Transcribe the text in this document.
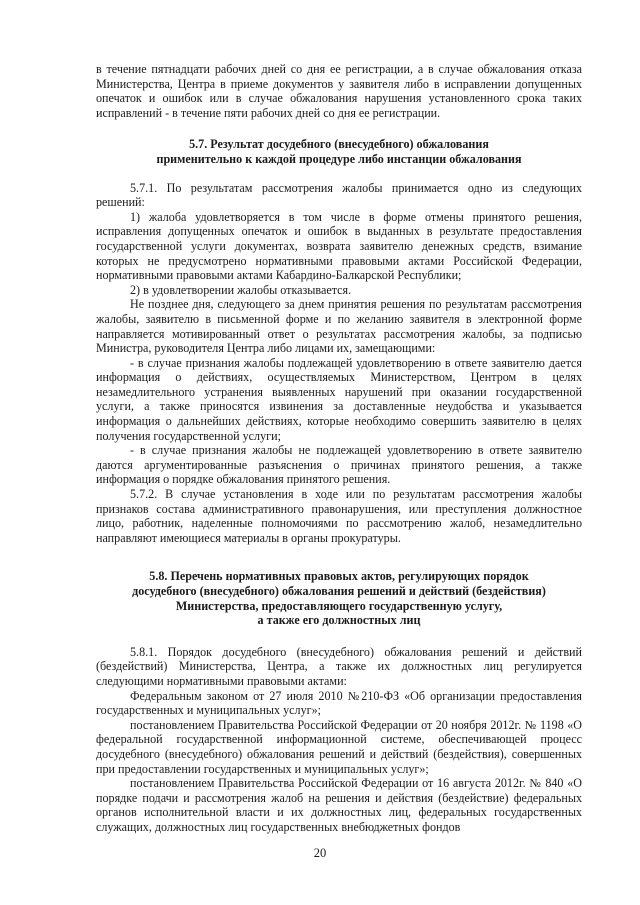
в течение пятнадцати рабочих дней со дня ее регистрации, а в случае обжалования отказа Министерства, Центра в приеме документов у заявителя либо в исправлении допущенных опечаток и ошибок или в случае обжалования нарушения установленного срока таких исправлений - в течение пяти рабочих дней со дня ее регистрации.

5.7. Результат досудебного (внесудебного) обжалования применительно к каждой процедуре либо инстанции обжалования

5.7.1. По результатам рассмотрения жалобы принимается одно из следующих решений:

1) жалоба удовлетворяется в том числе в форме отмены принятого решения, исправления допущенных опечаток и ошибок в выданных в результате предоставления государственной услуги документах, возврата заявителю денежных средств, взимание которых не предусмотрено нормативными правовыми актами Российской Федерации, нормативными правовыми актами Кабардино-Балкарской Республики;

2) в удовлетворении жалобы отказывается.

Не позднее дня, следующего за днем принятия решения по результатам рассмотрения жалобы, заявителю в письменной форме и по желанию заявителя в электронной форме направляется мотивированный ответ о результатах рассмотрения жалобы, за подписью Министра, руководителя Центра либо лицами их, замещающими:

- в случае признания жалобы подлежащей удовлетворению в ответе заявителю дается информация о действиях, осуществляемых Министерством, Центром в целях незамедлительного устранения выявленных нарушений при оказании государственной услуги, а также приносятся извинения за доставленные неудобства и указывается информация о дальнейших действиях, которые необходимо совершить заявителю в целях получения государственной услуги;

- в случае признания жалобы не подлежащей удовлетворению в ответе заявителю даются аргументированные разъяснения о причинах принятого решения, а также информация о порядке обжалования принятого решения.

5.7.2. В случае установления в ходе или по результатам рассмотрения жалобы признаков состава административного правонарушения, или преступления должностное лицо, работник, наделенные полномочиями по рассмотрению жалоб, незамедлительно направляют имеющиеся материалы в органы прокуратуры.

5.8. Перечень нормативных правовых актов, регулирующих порядок
досудебного (внесудебного) обжалования решений и действий (бездействия)
Министерства, предоставляющего государственную услугу,
а также его должностных лиц

5.8.1. Порядок досудебного (внесудебного) обжалования решений и действий (бездействий) Министерства, Центра, а также их должностных лиц регулируется следующими нормативными правовыми актами:

Федеральным законом от 27 июля 2010 №210-ФЗ «Об организации предоставления государственных и муниципальных услуг»;

постановлением Правительства Российской Федерации от 20 ноября 2012г. № 1198 «О федеральной государственной информационной системе, обеспечивающей процесс досудебного (внесудебного) обжалования решений и действий (бездействия), совершенных при предоставлении государственных и муниципальных услуг»;

постановлением Правительства Российской Федерации от 16 августа 2012г. № 840 «О порядке подачи и рассмотрения жалоб на решения и действия (бездействие) федеральных органов исполнительной власти и их должностных лиц, федеральных государственных служащих, должностных лиц государственных внебюджетных фондов

20
